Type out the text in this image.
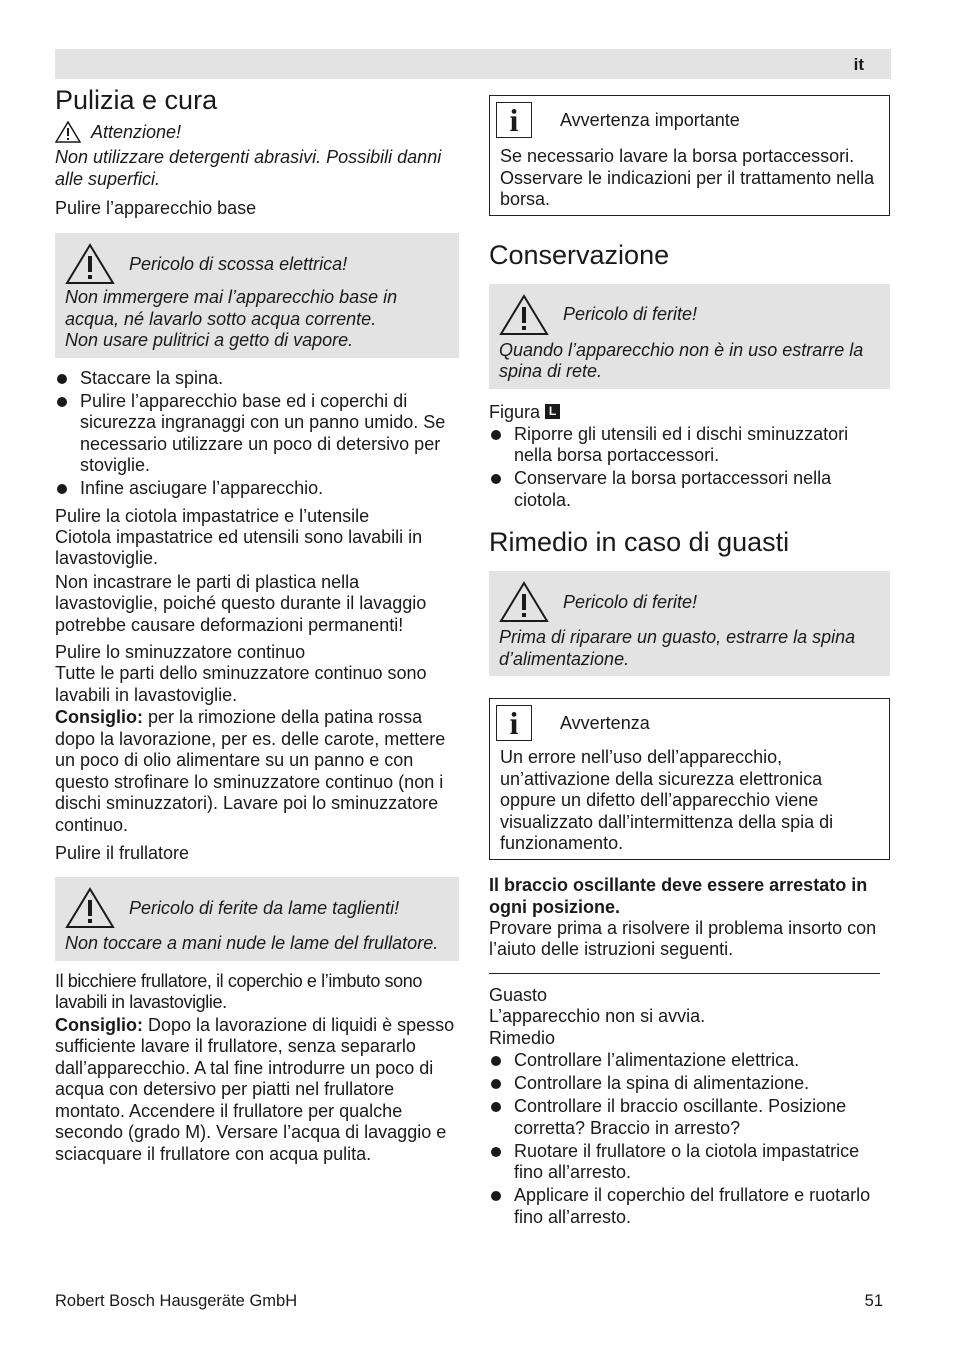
it
Pulizia e cura
Attenzione!

Non utilizzare detergenti abrasivi. Possibili danni alle superfici.

Pulire l’apparecchio base

Pericolo di scossa elettrica!

Non immergere mai l’apparecchio base in acqua, né lavarlo sotto acqua corrente.

Non usare pulitrici a getto di vapore.

Staccare la spina.
Pulire l’apparecchio base ed i coperchi di sicurezza ingranaggi con un panno umido. Se necessario utilizzare un poco di detersivo per stoviglie.
Infine asciugare l’apparecchio.

Pulire la ciotola impastatrice e l’utensile

Ciotola impastatrice ed utensili sono lavabili in lavastoviglie.

Non incastrare le parti di plastica nella lavastoviglie, poiché questo durante il lavaggio potrebbe causare deformazioni permanenti!

Pulire lo sminuzzatore continuo

Tutte le parti dello sminuzzatore continuo sono lavabili in lavastoviglie.

Consiglio: per la rimozione della patina rossa dopo la lavorazione, per es. delle carote, mettere un poco di olio alimentare su un panno e con questo strofinare lo sminuzzatore continuo (non i dischi sminuzzatori). Lavare poi lo sminuzzatore continuo.

Pulire il frullatore

Pericolo di ferite da lame taglienti!

Non toccare a mani nude le lame del frullatore.

Il bicchiere frullatore, il coperchio e l’imbuto sono lavabili in lavastoviglie.

Consiglio: Dopo la lavorazione di liquidi è spesso sufficiente lavare il frullatore, senza separarlo dall’apparecchio. A tal fine introdurre un poco di acqua con detersivo per piatti nel frullatore montato. Accendere il frullatore per qualche secondo (grado M). Versare l’acqua di lavaggio e sciacquare il frullatore con acqua pulita.

i	Avvertenza importante

Se necessario lavare la borsa portaccessori. Osservare le indicazioni per il trattamento nella borsa.

Conservazione
Pericolo di ferite!

Quando l’apparecchio non è in uso estrarre la spina di rete.

Figura L

Riporre gli utensili ed i dischi sminuzzatori nella borsa portaccessori.
Conservare la borsa portaccessori nella ciotola.
Rimedio in caso di guasti
Pericolo di ferite!

Prima di riparare un guasto, estrarre la spina d’alimentazione.

i	Avvertenza

Un errore nell’uso dell’apparecchio, un’attivazione della sicurezza elettronica oppure un difetto dell’apparecchio viene visualizzato dall’intermittenza della spia di funzionamento.

Il braccio oscillante deve essere arrestato in ogni posizione.

Provare prima a risolvere il problema insorto con l’aiuto delle istruzioni seguenti.

Guasto

L’apparecchio non si avvia.

Rimedio

Controllare l’alimentazione elettrica.
Controllare la spina di alimentazione.
Controllare il braccio oscillante. Posizione corretta? Braccio in arresto?
Ruotare il frullatore o la ciotola impastatrice fino all’arresto.
Applicare il coperchio del frullatore e ruotarlo fino all’arresto.
Robert Bosch Hausgeräte GmbH	51
